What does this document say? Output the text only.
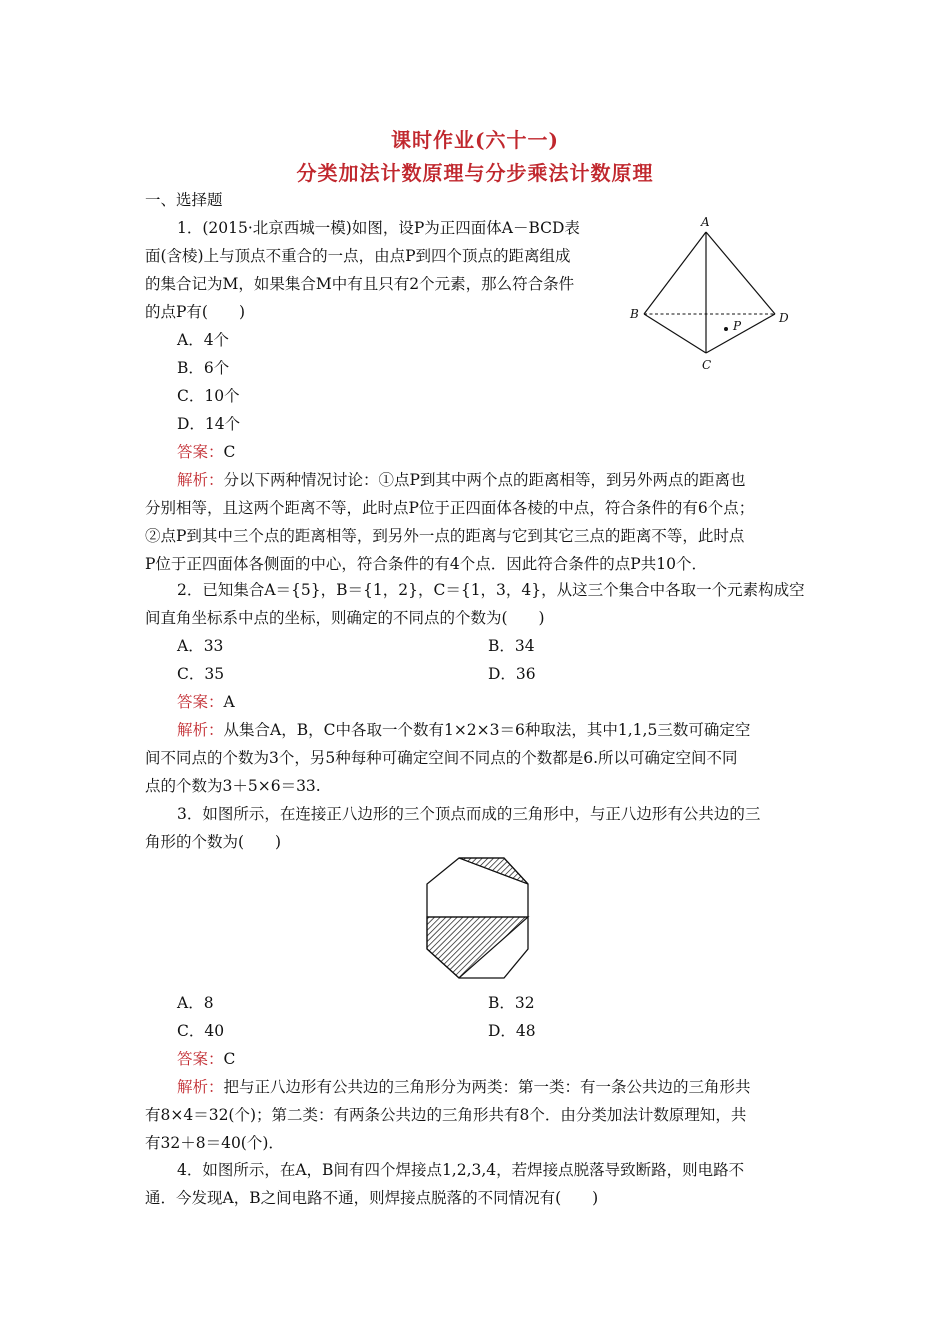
课时作业(六十一)
分类加法计数原理与分步乘法计数原理
一、选择题
1．(2015·北京西城一模)如图，设P为正四面体A－BCD表
面(含棱)上与顶点不重合的一点，由点P到四个顶点的距离组成
的集合记为M，如果集合M中有且只有2个元素，那么符合条件
的点P有(　　)
A．4个
B．6个
C．10个
D．14个
答案：C
解析：分以下两种情况讨论：①点P到其中两个点的距离相等，到另外两点的距离也
分别相等，且这两个距离不等，此时点P位于正四面体各棱的中点，符合条件的有6个点；
②点P到其中三个点的距离相等，到另外一点的距离与它到其它三点的距离不等，此时点
P位于正四面体各侧面的中心，符合条件的有4个点．因此符合条件的点P共10个．
A
B
C
D
P
2．已知集合A＝{5}，B＝{1，2}，C＝{1，3，4}，从这三个集合中各取一个元素构成空
间直角坐标系中点的坐标，则确定的不同点的个数为(　　)
A．33	B．34
C．35	D．36
答案：A
解析：从集合A，B，C中各取一个数有1×2×3＝6种取法，其中1,1,5三数可确定空
间不同点的个数为3个，另5种每种可确定空间不同点的个数都是6.所以可确定空间不同
点的个数为3＋5×6＝33.
3．如图所示，在连接正八边形的三个顶点而成的三角形中，与正八边形有公共边的三
角形的个数为(　　)
A．8	B．32
C．40	D．48
答案：C
解析：把与正八边形有公共边的三角形分为两类：第一类：有一条公共边的三角形共
有8×4＝32(个)；第二类：有两条公共边的三角形共有8个．由分类加法计数原理知，共
有32＋8＝40(个)．
4．如图所示，在A，B间有四个焊接点1,2,3,4，若焊接点脱落导致断路，则电路不
通．今发现A，B之间电路不通，则焊接点脱落的不同情况有(　　)
